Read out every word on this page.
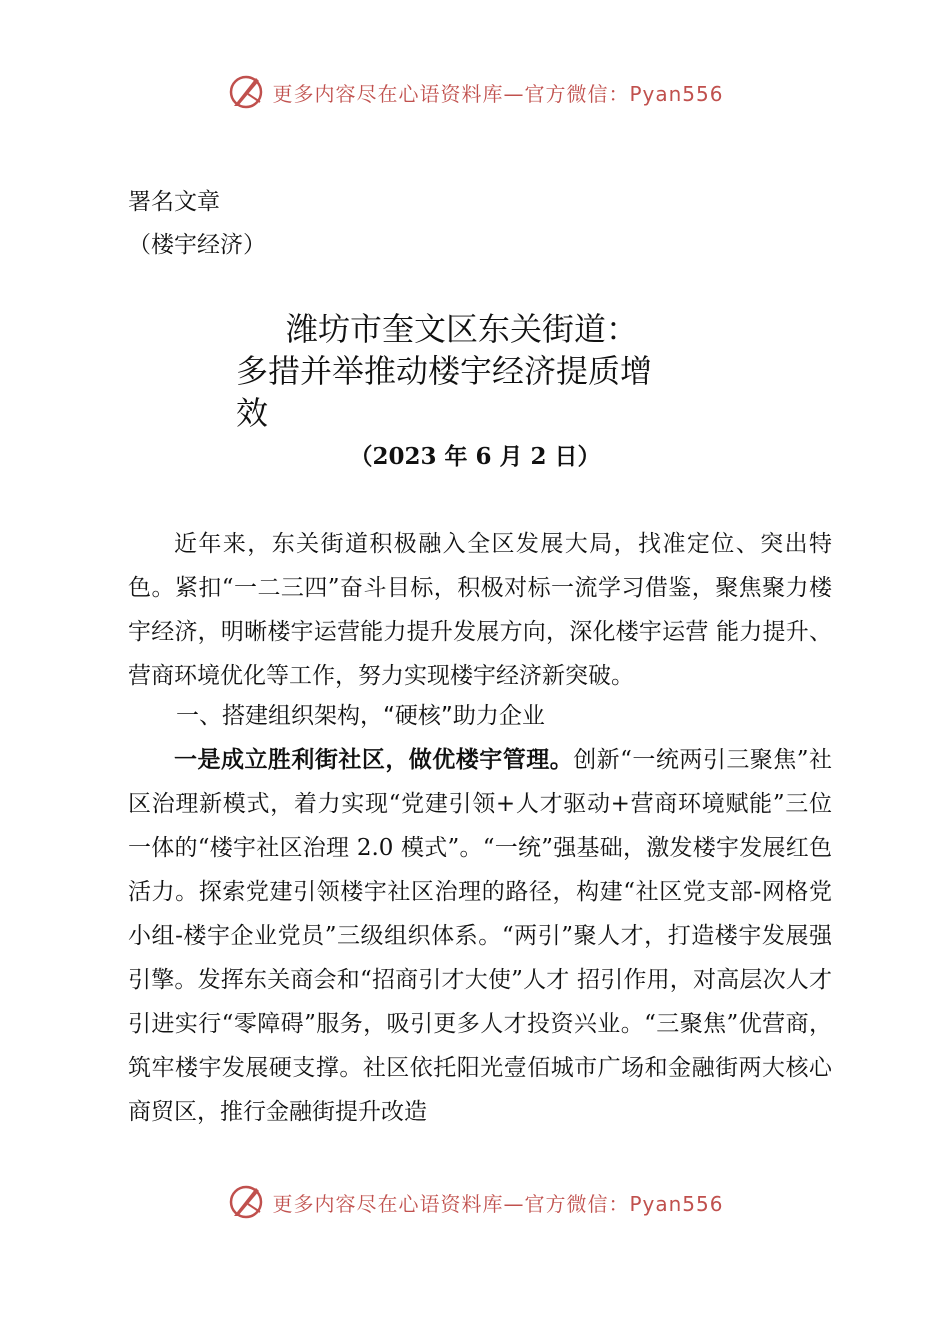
更多内容尽在心语资料库—官方微信：Pyan556
署名文章
（楼宇经济）
潍坊市奎文区东关街道：
多措并举推动楼宇经济提质增
效
（2023 年 6 月 2 日）

近年来，东关街道积极融入全区发展大局，找准定位、突出特色。紧扣“一二三四”奋斗目标，积极对标一流学习借鉴，聚焦聚力楼宇经济，明晰楼宇运营能力提升发展方向，深化楼宇运营 能力提升、营商环境优化等工作，努力实现楼宇经济新突破。

一、搭建组织架构，“硬核”助力企业

一是成立胜利街社区，做优楼宇管理。创新“一统两引三聚焦”社区治理新模式，着力实现“党建引领+人才驱动+营商环境赋能”三位一体的“楼宇社区治理 2.0 模式”。“一统”强基础，激发楼宇发展红色活力。探索党建引领楼宇社区治理的路径，构建“社区党支部-网格党小组-楼宇企业党员”三级组织体系。“两引”聚人才，打造楼宇发展强引擎。发挥东关商会和“招商引才大使”人才 招引作用，对高层次人才引进实行“零障碍”服务，吸引更多人才投资兴业。“三聚焦”优营商，筑牢楼宇发展硬支撑。社区依托阳光壹佰城市广场和金融街两大核心商贸区，推行金融街提升改造

更多内容尽在心语资料库—官方微信：Pyan556
